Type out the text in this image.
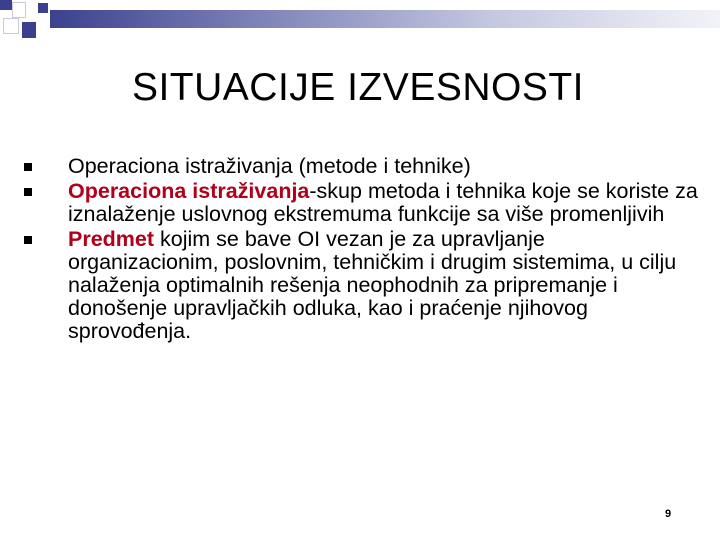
SITUACIJE IZVESNOSTI
Operaciona istraživanja (metode i tehnike)
Operaciona istraživanja-skup metoda i tehnika koje se koriste za iznalaženje uslovnog ekstremuma funkcije sa više promenljivih
Predmet kojim se bave OI vezan je za upravljanje organizacionim, poslovnim, tehničkim i drugim sistemima, u cilju nalaženja optimalnih rešenja neophodnih za pripremanje i donošenje upravljačkih odluka, kao i praćenje njihovog sprovođenja.
9
